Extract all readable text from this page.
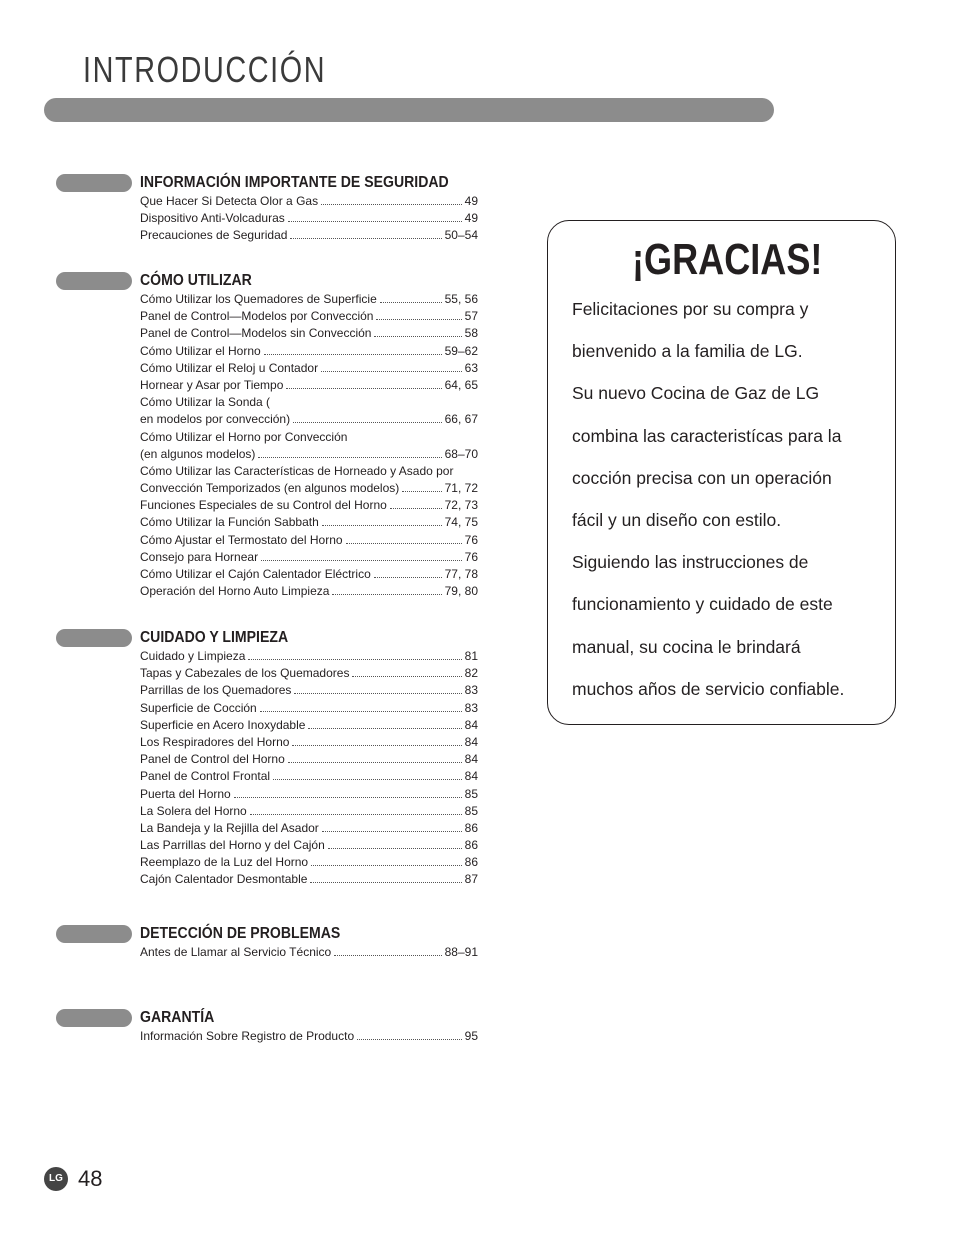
INTRODUCCIÓN
INFORMACIÓN IMPORTANTE DE SEGURIDAD
Que Hacer Si Detecta Olor a Gas	49
Dispositivo Anti-Volcaduras	49
Precauciones de Seguridad	50–54
CÓMO UTILIZAR
Cómo Utilizar los Quemadores de Superficie	55, 56
Panel de Control—Modelos por Convección	57
Panel de Control—Modelos sin Convección	58
Cómo Utilizar el Horno	59–62
Cómo Utilizar el Reloj u Contador	63
Hornear y Asar por Tiempo	64, 65
Cómo Utilizar la Sonda (
en modelos por convección)	66, 67
Cómo Utilizar el Horno por Convección
(en algunos modelos)	68–70
Cómo Utilizar las Características de Horneado y Asado por
Convección Temporizados (en algunos modelos)	71, 72
Funciones Especiales de su Control del Horno	72, 73
Cómo Utilizar la Función Sabbath	74, 75
Cómo Ajustar el Termostato del Horno	76
Consejo para Hornear	76
Cómo Utilizar el Cajón Calentador Eléctrico	77, 78
Operación del Horno Auto Limpieza	79, 80
CUIDADO Y LIMPIEZA
Cuidado y Limpieza	81
Tapas y Cabezales de los Quemadores	82
Parrillas de los Quemadores	83
Superficie de Cocción	83
Superficie en Acero Inoxydable	84
Los Respiradores del Horno	84
Panel de Control del Horno	84
Panel de Control Frontal	84
Puerta del Horno	85
La Solera del Horno	85
La Bandeja y la Rejilla del Asador	86
Las Parrillas del Horno y del Cajón	86
Reemplazo de la Luz del Horno	86
Cajón Calentador Desmontable	87
DETECCIÓN DE PROBLEMAS
Antes de Llamar al Servicio Técnico	88–91
GARANTÍA
Información Sobre Registro de Producto	95
¡GRACIAS!
Felicitaciones por su compra y
bienvenido a la familia de LG.
Su nuevo Cocina de Gaz de LG
combina las caracteristícas para la
cocción precisa con un operación
fácil y un diseño con estilo.
Siguiendo las instrucciones de
funcionamiento y cuidado de este
manual, su cocina le brindará
muchos años de servicio confiable.
LG 48
